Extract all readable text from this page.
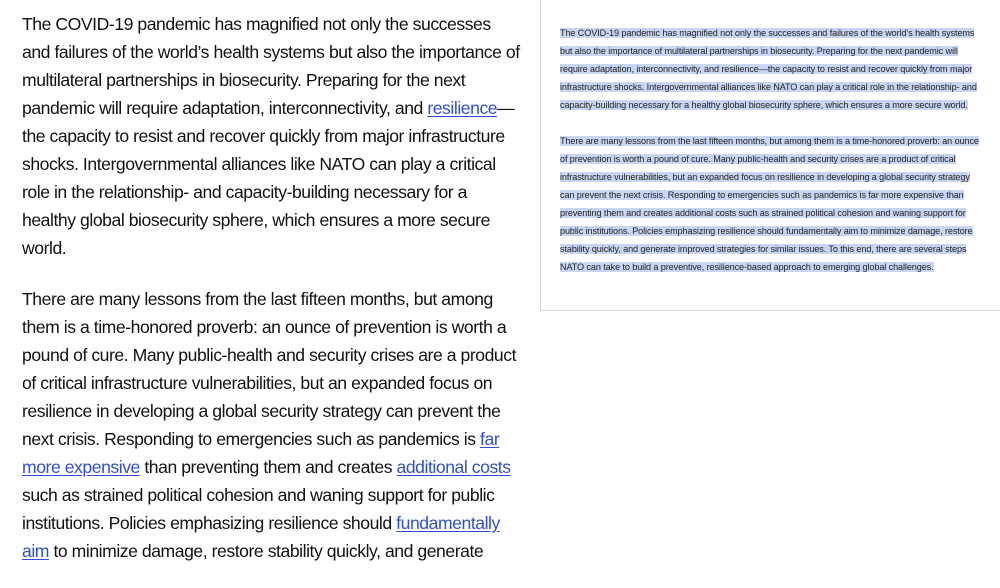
The COVID-19 pandemic has magnified not only the successes and failures of the world’s health systems but also the importance of multilateral partnerships in biosecurity. Preparing for the next pandemic will require adaptation, interconnectivity, and resilience—the capacity to resist and recover quickly from major infrastructure shocks. Intergovernmental alliances like NATO can play a critical role in the relationship- and capacity-building necessary for a healthy global biosecurity sphere, which ensures a more secure world.

There are many lessons from the last fifteen months, but among them is a time-honored proverb: an ounce of prevention is worth a pound of cure. Many public-health and security crises are a product of critical infrastructure vulnerabilities, but an expanded focus on resilience in developing a global security strategy can prevent the next crisis. Responding to emergencies such as pandemics is far more expensive than preventing them and creates additional costs such as strained political cohesion and waning support for public institutions. Policies emphasizing resilience should fundamentally aim to minimize damage, restore stability quickly, and generate

The COVID-19 pandemic has magnified not only the successes and failures of the world’s health systems but also the importance of multilateral partnerships in biosecurity. Preparing for the next pandemic will require adaptation, interconnectivity, and resilience—the capacity to resist and recover quickly from major infrastructure shocks. Intergovernmental alliances like NATO can play a critical role in the relationship- and capacity-building necessary for a healthy global biosecurity sphere, which ensures a more secure world.

There are many lessons from the last fifteen months, but among them is a time-honored proverb: an ounce of prevention is worth a pound of cure. Many public-health and security crises are a product of critical infrastructure vulnerabilities, but an expanded focus on resilience in developing a global security strategy can prevent the next crisis. Responding to emergencies such as pandemics is far more expensive than preventing them and creates additional costs such as strained political cohesion and waning support for public institutions. Policies emphasizing resilience should fundamentally aim to minimize damage, restore stability quickly, and generate improved strategies for similar issues. To this end, there are several steps NATO can take to build a preventive, resilience-based approach to emerging global challenges.
